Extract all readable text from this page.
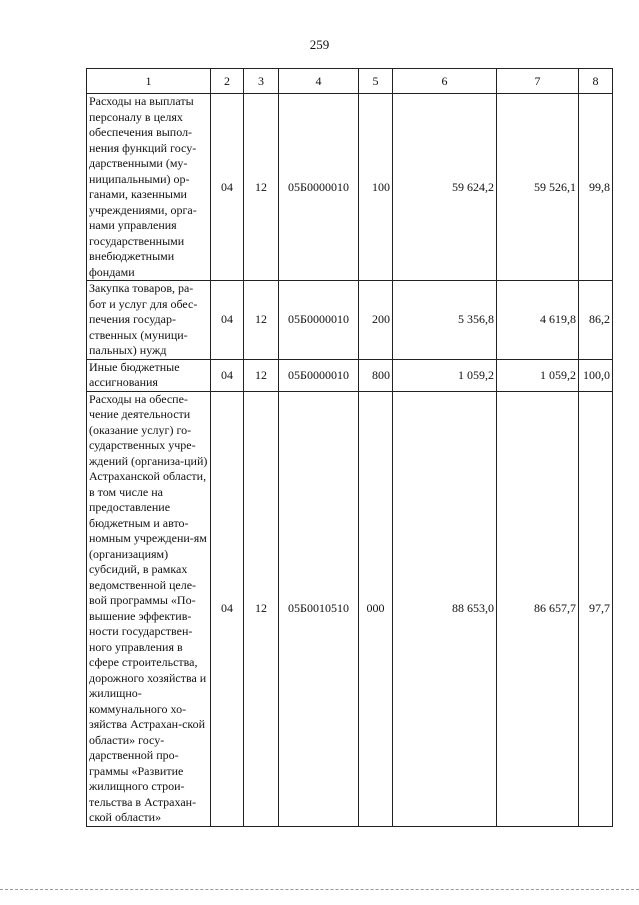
259
1	2	3	4	5	6	7	8
Расходы на выплаты персоналу в целях обеспечения выпол-нения функций госу-дарственными (му-ниципальными) ор-ганами, казенными учреждениями, орга-нами управления государственными внебюджетными фондами	04	12	05Б0000010	100	59 624,2	59 526,1	99,8
Закупка товаров, ра-бот и услуг для обес-печения государ-ственных (муници-пальных) нужд	04	12	05Б0000010	200	5 356,8	4 619,8	86,2
Иные бюджетные ассигнования	04	12	05Б0000010	800	1 059,2	1 059,2	100,0
Расходы на обеспе-чение деятельности (оказание услуг) го-сударственных учре-ждений (организа-ций) Астраханской области, в том числе на предоставление бюджетным и авто-номным учреждени-ям (организациям) субсидий, в рамках ведомственной целе-вой программы «По-вышение эффектив-ности государствен-ного управления в сфере строительства, дорожного хозяйства и жилищно-коммунального хо-зяйства Астрахан-ской области» госу-дарственной про-граммы «Развитие жилищного строи-тельства в Астрахан-ской области»	04	12	05Б0010510	000	88 653,0	86 657,7	97,7
